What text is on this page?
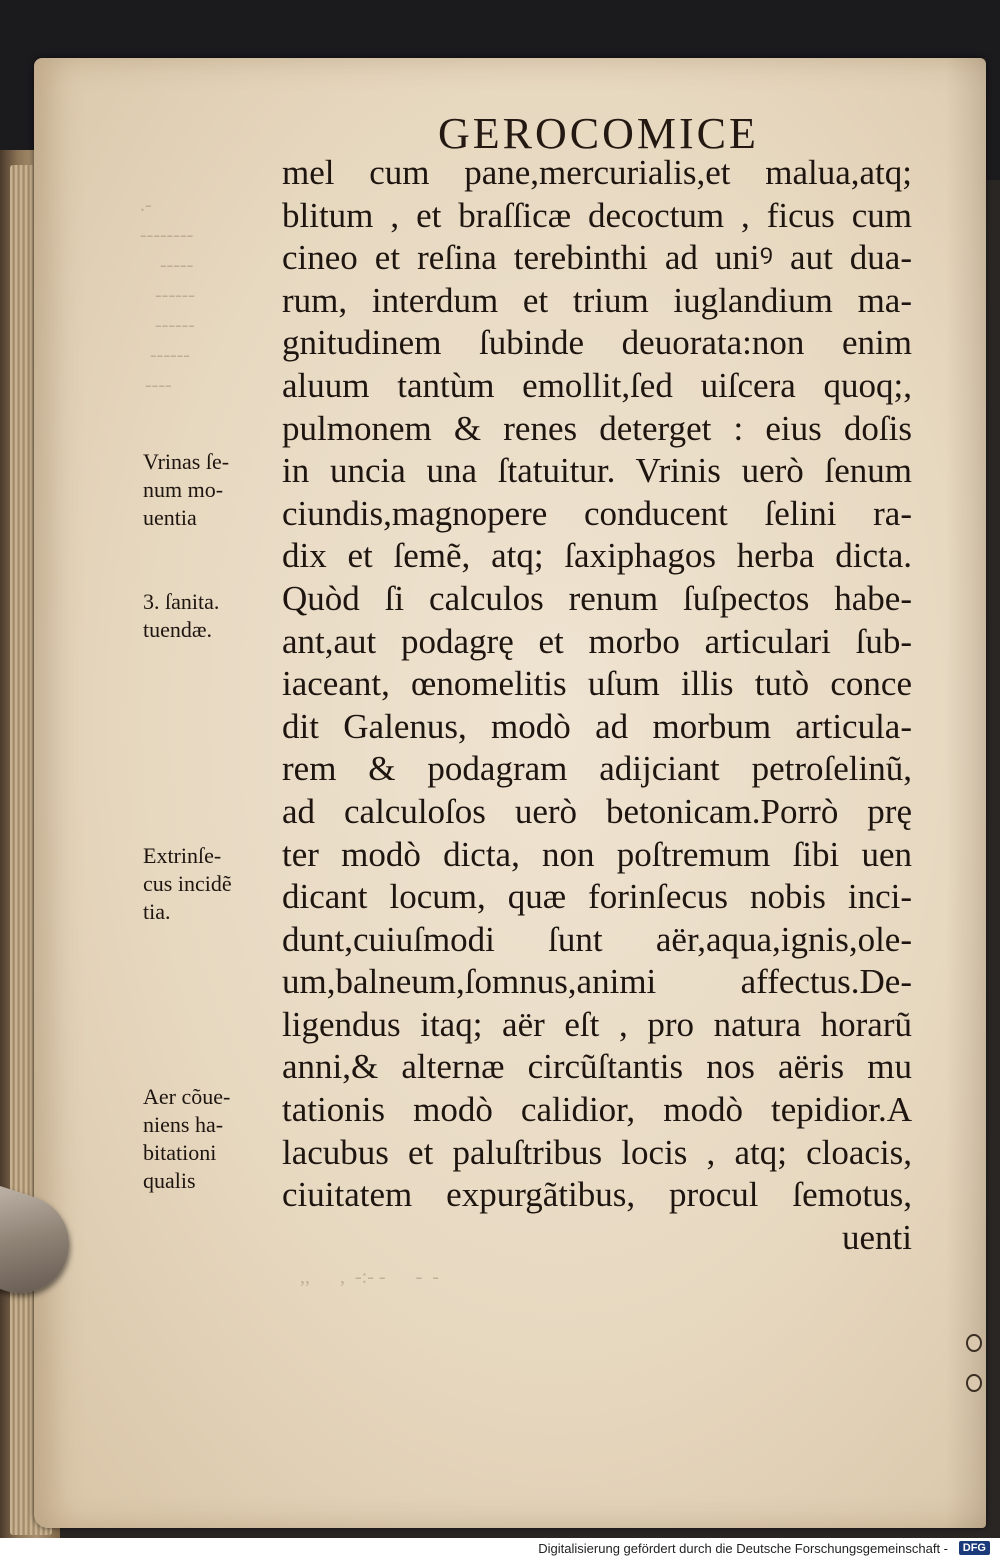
.-
--------
-----
------
------
------
----
,,      ,  -:- -      -  -
GEROCOMICE
mel cum pane,mercurialis,et malua,atq;
blitum , et braſſicæ decoctum , ficus cum
cineo et reſina terebinthi ad uniꝰ aut dua-
rum, interdum et trium iuglandium ma-
gnitudinem ſubinde deuorata:non enim
aluum tantùm emollit,ſed uiſcera quoq;,
pulmonem & renes deterget : eius doſis
in uncia una ſtatuitur. Vrinis uerò ſenum
ciundis,magnopere conducent ſelini ra-
dix et ſemẽ, atq; ſaxiphagos herba dicta.
Quòd ſi calculos renum ſuſpectos habe-
ant,aut podagrę et morbo articulari ſub-
iaceant, œnomelitis uſum illis tutò conce
dit Galenus, modò ad morbum articula-
rem & podagram adijciant petroſelinũ,
ad calculoſos uerò betonicam.Porrò prę
ter modò dicta, non poſtremum ſibi uen
dicant locum, quæ forinſecus nobis inci-
dunt,cuiuſmodi ſunt aër,aqua,ignis,ole-
um,balneum,ſomnus,animi affectus.De-
ligendus itaq; aër eſt , pro natura horarũ
anni,& alternæ circũſtantis nos aëris mu
tationis modò calidior, modò tepidior.A
lacubus et paluſtribus locis , atq; cloacis,
ciuitatem expurgãtibus, procul ſemotus,
uenti
Vrinas ſe-
num mo-
uentia
3. ſanita.
tuendæ.
Extrinſe-
cus incidẽ
tia.
Aer cõue-
niens ha-
bitationi
qualis
Digitalisierung gefördert durch die Deutsche Forschungsgemeinschaft -	DFG
